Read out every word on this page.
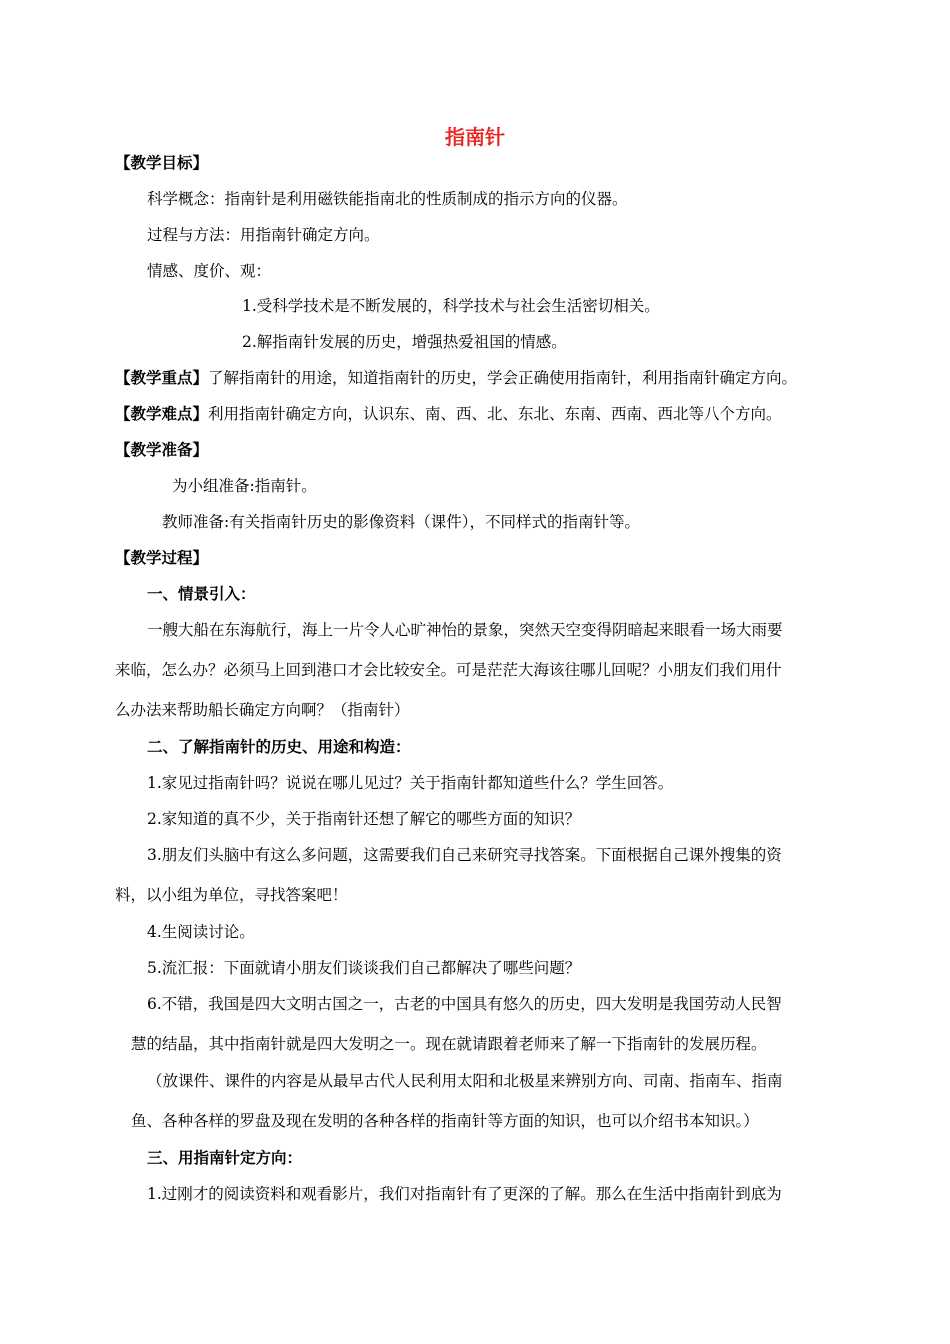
指南针
【教学目标】
科学概念：指南针是利用磁铁能指南北的性质制成的指示方向的仪器。
过程与方法：用指南针确定方向。
情感、度价、观：
1.受科学技术是不断发展的，科学技术与社会生活密切相关。
2.解指南针发展的历史，增强热爱祖国的情感。
【教学重点】了解指南针的用途，知道指南针的历史，学会正确使用指南针，利用指南针确定方向。
【教学难点】利用指南针确定方向，认识东、南、西、北、东北、东南、西南、西北等八个方向。
【教学准备】
为小组准备:指南针。
教师准备:有关指南针历史的影像资料（课件），不同样式的指南针等。
【教学过程】
一、情景引入：
一艘大船在东海航行，海上一片令人心旷神怡的景象，突然天空变得阴暗起来眼看一场大雨要
来临，怎么办？必须马上回到港口才会比较安全。可是茫茫大海该往哪儿回呢？小朋友们我们用什
么办法来帮助船长确定方向啊？（指南针）
二、了解指南针的历史、用途和构造：
1.家见过指南针吗？说说在哪儿见过？关于指南针都知道些什么？学生回答。
2.家知道的真不少，关于指南针还想了解它的哪些方面的知识？
3.朋友们头脑中有这么多问题，这需要我们自己来研究寻找答案。下面根据自己课外搜集的资
料，以小组为单位，寻找答案吧！
4.生阅读讨论。
5.流汇报：下面就请小朋友们谈谈我们自己都解决了哪些问题？
6.不错，我国是四大文明古国之一，古老的中国具有悠久的历史，四大发明是我国劳动人民智
慧的结晶，其中指南针就是四大发明之一。现在就请跟着老师来了解一下指南针的发展历程。
（放课件、课件的内容是从最早古代人民利用太阳和北极星来辨别方向、司南、指南车、指南
鱼、各种各样的罗盘及现在发明的各种各样的指南针等方面的知识，也可以介绍书本知识。）
三、用指南针定方向：
1.过刚才的阅读资料和观看影片，我们对指南针有了更深的了解。那么在生活中指南针到底为
